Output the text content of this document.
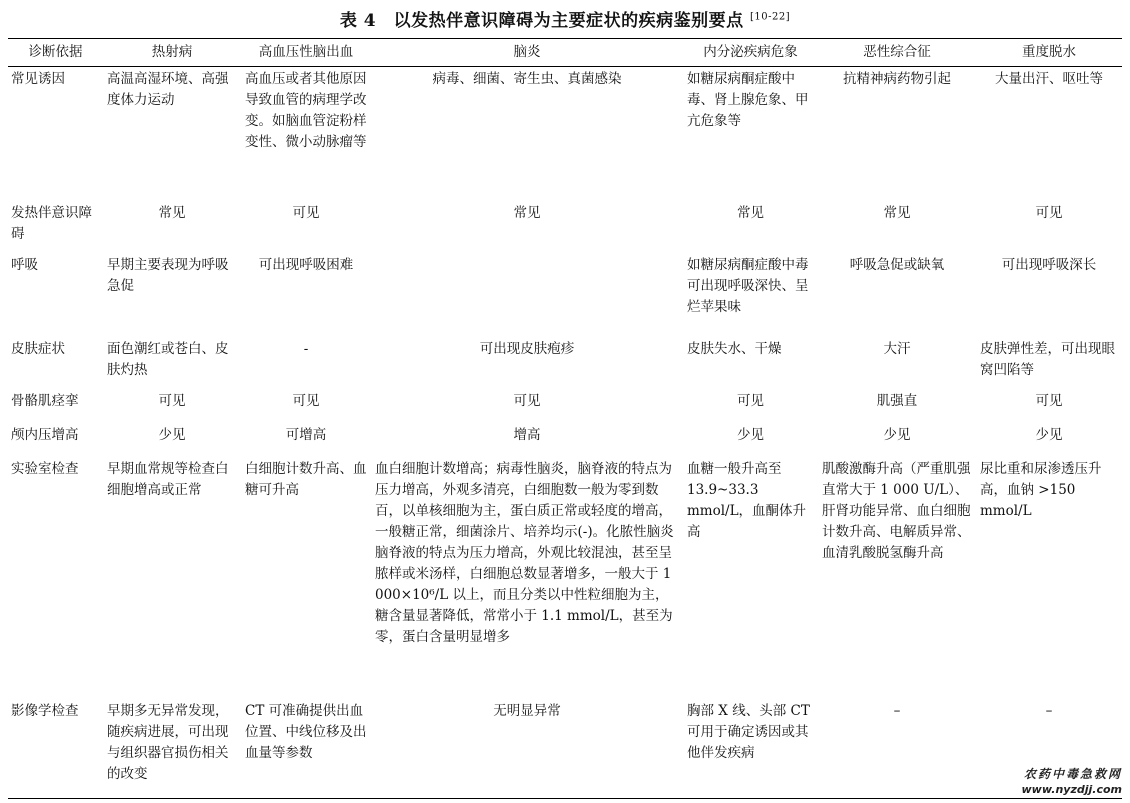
表 4　以发热伴意识障碍为主要症状的疾病鉴别要点 [10-22]
诊断依据	热射病	高血压性脑出血	脑炎	内分泌疾病危象	恶性综合征	重度脱水
常见诱因	高温高湿环境、高强度体力运动	高血压或者其他原因导致血管的病理学改变。如脑血管淀粉样变性、微小动脉瘤等	病毒、细菌、寄生虫、真菌感染	如糖尿病酮症酸中毒、肾上腺危象、甲亢危象等	抗精神病药物引起	大量出汗、呕吐等
发热伴意识障碍	常见	可见	常见	常见	常见	可见
呼吸	早期主要表现为呼吸急促	可出现呼吸困难		如糖尿病酮症酸中毒可出现呼吸深快、呈烂苹果味	呼吸急促或缺氧	可出现呼吸深长
皮肤症状	面色潮红或苍白、皮肤灼热	-	可出现皮肤疱疹	皮肤失水、干燥	大汗	皮肤弹性差，可出现眼窝凹陷等
骨骼肌痉挛	可见	可见	可见	可见	肌强直	可见
颅内压增高	少见	可增高	增高	少见	少见	少见
实验室检查	早期血常规等检查白细胞增高或正常	白细胞计数升高、血糖可升高	血白细胞计数增高；病毒性脑炎，脑脊液的特点为压力增高，外观多清亮，白细胞数一般为零到数百，以单核细胞为主，蛋白质正常或轻度的增高，一般糖正常，细菌涂片、培养均示(-)。化脓性脑炎脑脊液的特点为压力增高，外观比较混浊，甚至呈脓样或米汤样，白细胞总数显著增多，一般大于 1 000×10⁶/L 以上，而且分类以中性粒细胞为主，糖含量显著降低，常常小于 1.1 mmol/L，甚至为零，蛋白含量明显增多	血糖一般升高至 13.9~33.3 mmol/L，血酮体升高	肌酸激酶升高（严重肌强直常大于 1 000 U/L）、肝肾功能异常、血白细胞计数升高、电解质异常、血清乳酸脱氢酶升高	尿比重和尿渗透压升高，血钠 >150 mmol/L
影像学检查	早期多无异常发现，随疾病进展，可出现与组织器官损伤相关的改变	CT 可准确提供出血位置、中线位移及出血量等参数	无明显异常	胸部 X 线、头部 CT 可用于确定诱因或其他伴发疾病	–	–
农药中毒急救网
www.nyzdjj.com
